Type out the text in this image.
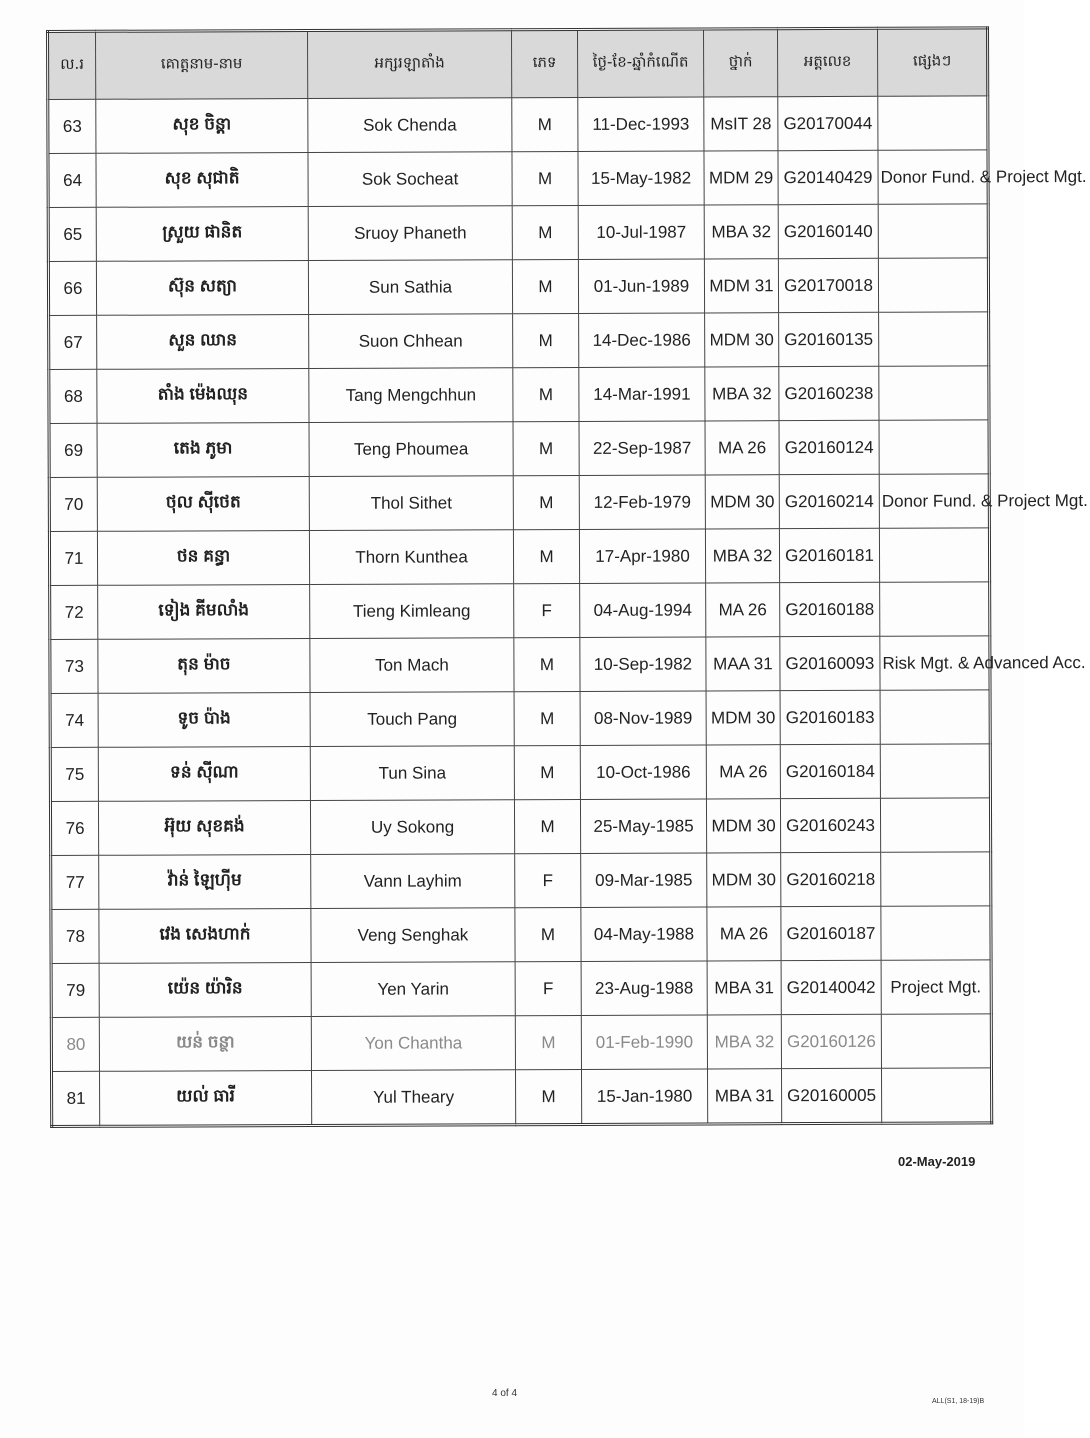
ល.រ	គោត្តនាម-នាម	អក្សរឡាតាំង	ភេទ	ថ្ងៃ-ខែ-ឆ្នាំកំណើត	ថ្នាក់	អត្តលេខ	ផ្សេងៗ
63	សុខ ចិន្តា	Sok Chenda	M	11-Dec-1993	MsIT 28	G20170044	
64	សុខ សុជាតិ	Sok Socheat	M	15-May-1982	MDM 29	G20140429	Donor Fund. & Project Mgt.
65	ស្រួយ ផានិត	Sruoy Phaneth	M	10-Jul-1987	MBA 32	G20160140	
66	ស៊ុន សត្យា	Sun Sathia	M	01-Jun-1989	MDM 31	G20170018	
67	សួន ឈាន	Suon Chhean	M	14-Dec-1986	MDM 30	G20160135	
68	តាំង ម៉េងឈុន	Tang Mengchhun	M	14-Mar-1991	MBA 32	G20160238	
69	តេង ភូមា	Teng Phoumea	M	22-Sep-1987	MA 26	G20160124	
70	ថុល ស៊ីថេត	Thol Sithet	M	12-Feb-1979	MDM 30	G20160214	Donor Fund. & Project Mgt.
71	ថន គន្ធា	Thorn Kunthea	M	17-Apr-1980	MBA 32	G20160181	
72	ទៀង គីមលាំង	Tieng Kimleang	F	04-Aug-1994	MA 26	G20160188	
73	តុន ម៉ាច	Ton Mach	M	10-Sep-1982	MAA 31	G20160093	Risk Mgt. & Advanced Acc.
74	ទូច ប៉ាង	Touch Pang	M	08-Nov-1989	MDM 30	G20160183	
75	ទន់ ស៊ីណា	Tun Sina	M	10-Oct-1986	MA 26	G20160184	
76	អ៊ុយ សុខគង់	Uy Sokong	M	25-May-1985	MDM 30	G20160243	
77	វ៉ាន់ ឡៃហ៊ីម	Vann Layhim	F	09-Mar-1985	MDM 30	G20160218	
78	វេង សេងហាក់	Veng Senghak	M	04-May-1988	MA 26	G20160187	
79	យ៉េន យ៉ារិន	Yen Yarin	F	23-Aug-1988	MBA 31	G20140042	Project Mgt.
80	យន់ ចន្ថា	Yon Chantha	M	01-Feb-1990	MBA 32	G20160126	
81	យល់ ធារី	Yul Theary	M	15-Jan-1980	MBA 31	G20160005	
02-May-2019
4 of 4
ALL(S1, 18-19)B
